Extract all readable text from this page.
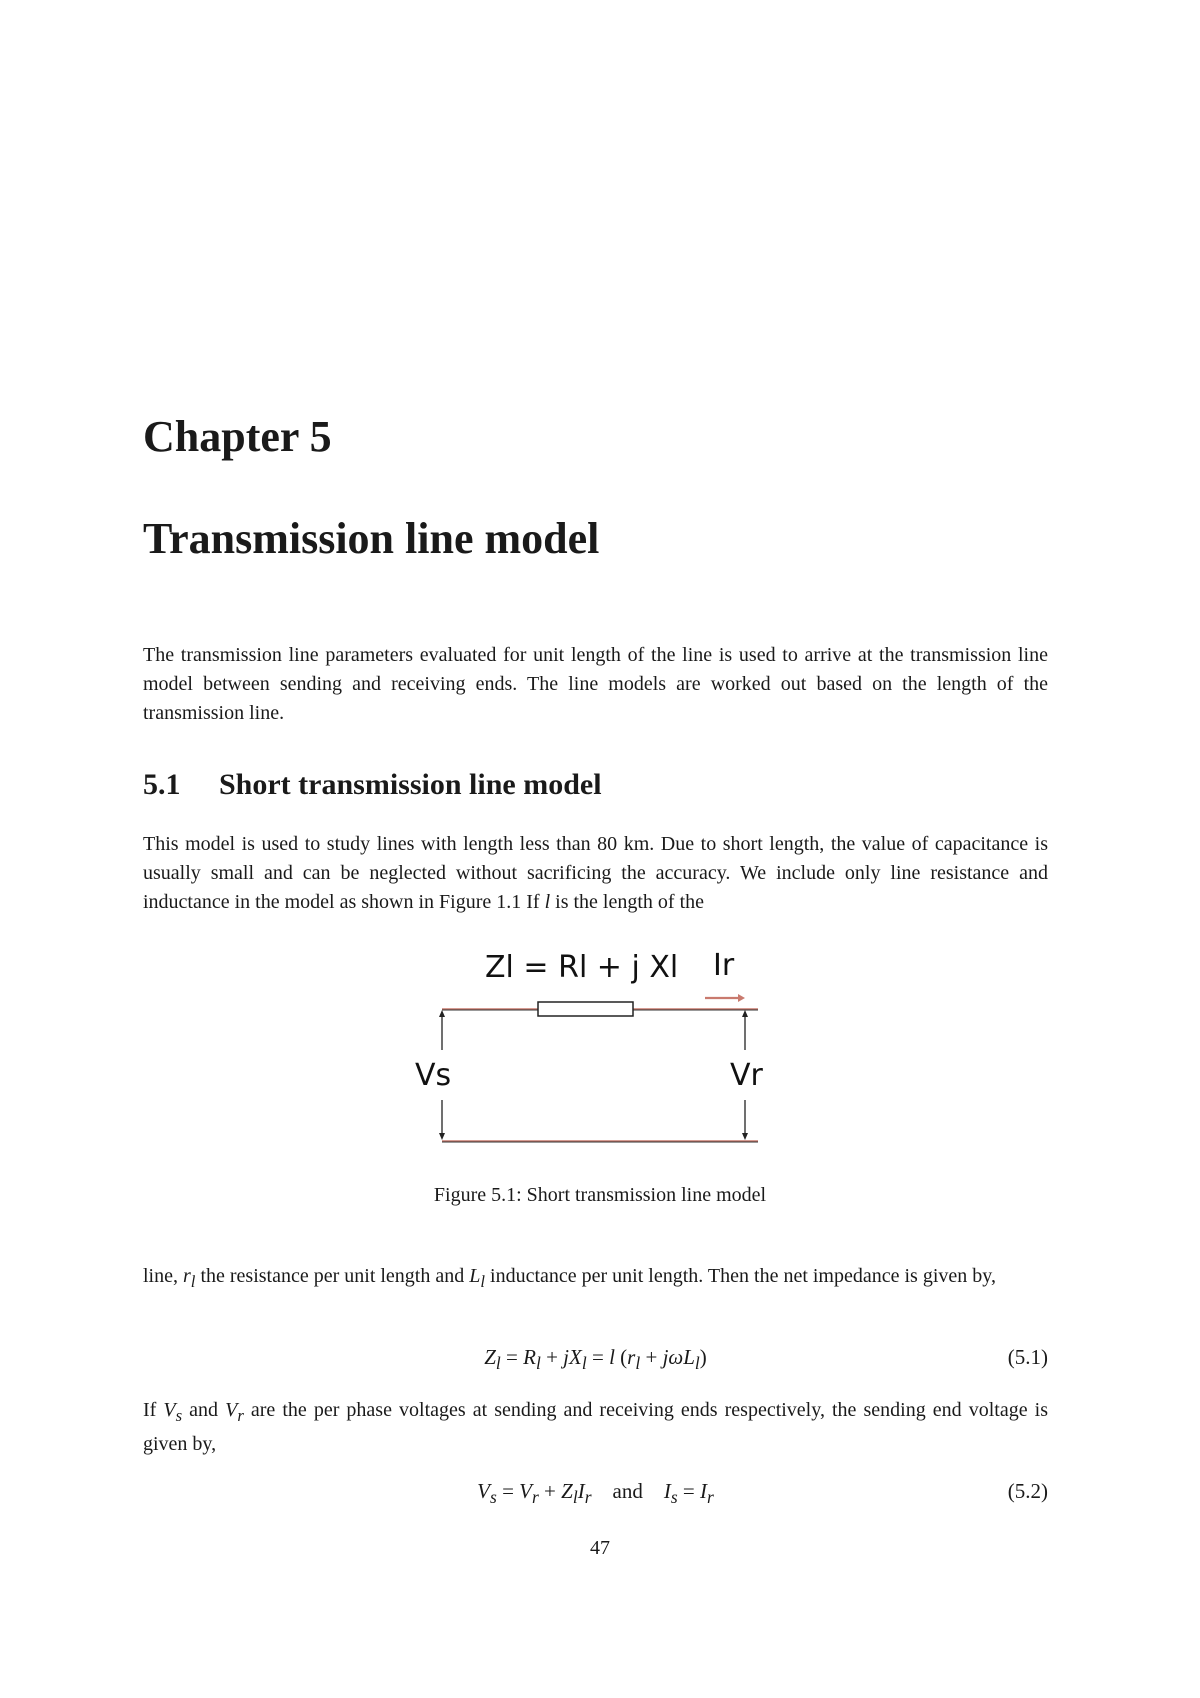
Chapter 5
Transmission line model

The transmission line parameters evaluated for unit length of the line is used to arrive at the transmission line model between sending and receiving ends. The line models are worked out based on the length of the transmission line.

5.1 Short transmission line model

This model is used to study lines with length less than 80 km. Due to short length, the value of capacitance is usually small and can be neglected without sacrificing the accuracy. We include only line resistance and inductance in the model as shown in Figure 1.1 If l is the length of the

Zl = Rl + j Xl Ir
Vs	Vr

Figure 5.1: Short transmission line model

line, $r_l$ the resistance per unit length and $L_l$ inductance per unit length. Then the net impedance is given by,

$Z_l = R_l + jX_l = l$ $(r_l + j\omega L_l)$	(5.1)

If $V_s$ and $V_r$ are the per phase voltages at sending and receiving ends respectively, the sending end voltage is given by,

$V_s = V_r + Z_lI_r$ and $I_s = I_r$	(5.2)

47
